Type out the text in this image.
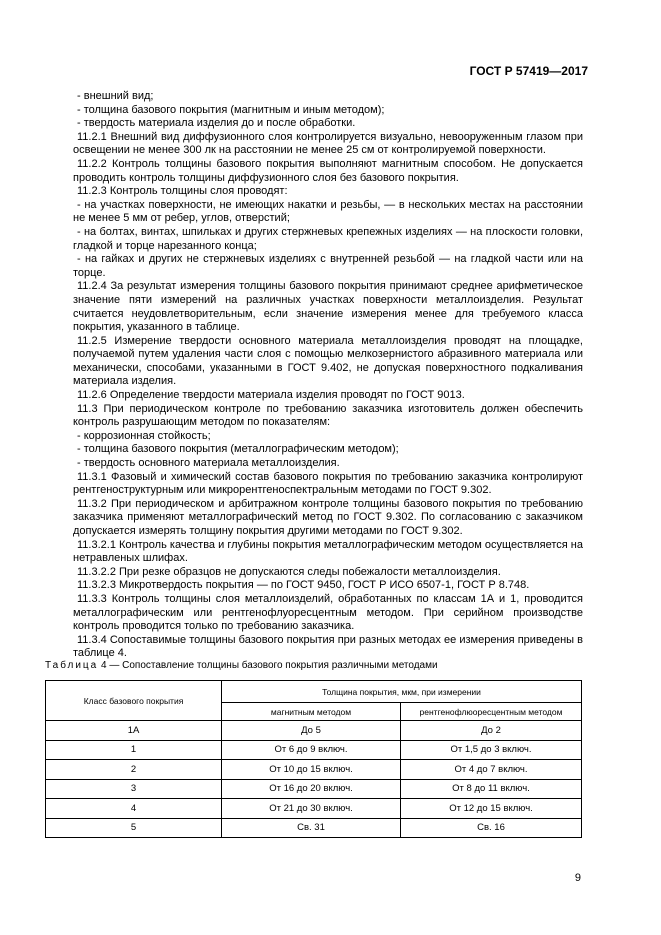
ГОСТ Р 57419—2017
- внешний вид;
- толщина базового покрытия (магнитным и иным методом);
- твердость материала изделия до и после обработки.
11.2.1 Внешний вид диффузионного слоя контролируется визуально, невооруженным глазом при освещении не менее 300 лк на расстоянии не менее 25 см от контролируемой поверхности.
11.2.2 Контроль толщины базового покрытия выполняют магнитным способом. Не допускается проводить контроль толщины диффузионного слоя без базового покрытия.
11.2.3 Контроль толщины слоя проводят:
- на участках поверхности, не имеющих накатки и резьбы, — в нескольких местах на расстоянии не менее 5 мм от ребер, углов, отверстий;
- на болтах, винтах, шпильках и других стержневых крепежных изделиях — на плоскости головки, гладкой и торце нарезанного конца;
- на гайках и других не стержневых изделиях с внутренней резьбой — на гладкой части или на торце.
11.2.4 За результат измерения толщины базового покрытия принимают среднее арифметическое значение пяти измерений на различных участках поверхности металлоизделия. Результат считается неудовлетворительным, если значение измерения менее для требуемого класса покрытия, указанного в таблице.
11.2.5 Измерение твердости основного материала металлоизделия проводят на площадке, получаемой путем удаления части слоя с помощью мелкозернистого абразивного материала или механически, способами, указанными в ГОСТ 9.402, не допуская поверхностного подкаливания материала изделия.
11.2.6 Определение твердости материала изделия проводят по ГОСТ 9013.
11.3 При периодическом контроле по требованию заказчика изготовитель должен обеспечить контроль разрушающим методом по показателям:
- коррозионная стойкость;
- толщина базового покрытия (металлографическим методом);
- твердость основного материала металлоизделия.
11.3.1 Фазовый и химический состав базового покрытия по требованию заказчика контролируют рентгеноструктурным или микрорентгеноспектральным методами по ГОСТ 9.302.
11.3.2 При периодическом и арбитражном контроле толщины базового покрытия по требованию заказчика применяют металлографический метод по ГОСТ 9.302. По согласованию с заказчиком допускается измерять толщину покрытия другими методами по ГОСТ 9.302.
11.3.2.1 Контроль качества и глубины покрытия металлографическим методом осуществляется на нетравленых шлифах.
11.3.2.2 При резке образцов не допускаются следы побежалости металлоизделия.
11.3.2.3 Микротвердость покрытия — по ГОСТ 9450, ГОСТ Р ИСО 6507-1, ГОСТ Р 8.748.
11.3.3 Контроль толщины слоя металлоизделий, обработанных по классам 1А и 1, проводится металлографическим или рентгенофлуоресцентным методом. При серийном производстве контроль проводится только по требованию заказчика.
11.3.4 Сопоставимые толщины базового покрытия при разных методах ее измерения приведены в таблице 4.
Таблица 4 — Сопоставление толщины базового покрытия различными методами
Класс базового покрытия	Толщина покрытия, мкм, при измерении	
	магнитным методом	рентгенофлюоресцентным методом
1А	До 5	До 2
1	От 6 до 9 включ.	От 1,5 до 3 включ.
2	От 10 до 15 включ.	От 4 до 7 включ.
3	От 16 до 20 включ.	От 8 до 11 включ.
4	От 21 до 30 включ.	От 12 до 15 включ.
5	Св. 31	Св. 16
9
